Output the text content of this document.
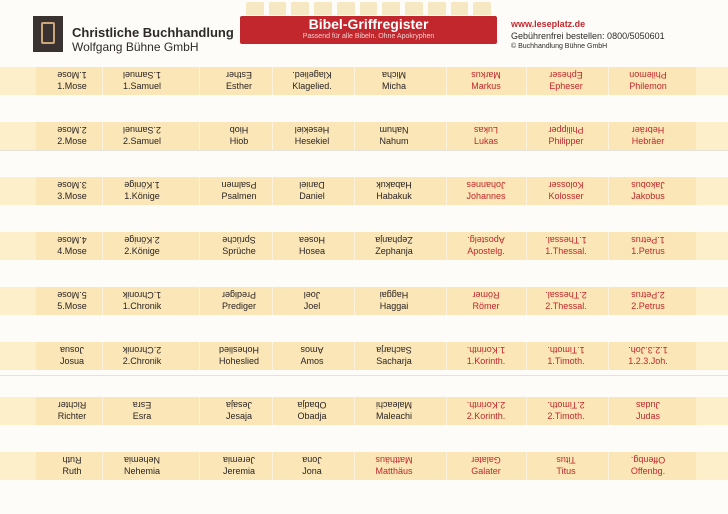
Christliche Buchhandlung
Wolfgang Bühne GmbH
Bibel-Griffregister
Passend für alle Bibeln. Ohne Apokryphen
www.leseplatz.de
Gebührenfrei bestellen: 0800/5050601
© Buchhandlung Bühne GmbH
1.Mose
1.Mose
1.Samuel
1.Samuel
Esther
Esther
Klagelied.
Klagelied.
Micha
Micha
Markus
Markus
Epheser
Epheser
Philemon
Philemon
2.Mose
2.Mose
2.Samuel
2.Samuel
Hiob
Hiob
Hesekiel
Hesekiel
Nahum
Nahum
Lukas
Lukas
Philipper
Philipper
Hebräer
Hebräer
3.Mose
3.Mose
1.Könige
1.Könige
Psalmen
Psalmen
Daniel
Daniel
Habakuk
Habakuk
Johannes
Johannes
Kolosser
Kolosser
Jakobus
Jakobus
4.Mose
4.Mose
2.Könige
2.Könige
Sprüche
Sprüche
Hosea
Hosea
Zephanja
Zephanja
Apostelg.
Apostelg.
1.Thessal.
1.Thessal.
1.Petrus
1.Petrus
5.Mose
5.Mose
1.Chronik
1.Chronik
Prediger
Prediger
Joel
Joel
Haggai
Haggai
Römer
Römer
2.Thessal.
2.Thessal.
2.Petrus
2.Petrus
Josua
Josua
2.Chronik
2.Chronik
Hoheslied
Hoheslied
Amos
Amos
Sacharja
Sacharja
1.Korinth.
1.Korinth.
1.Timoth.
1.Timoth.
1.2.3.Joh.
1.2.3.Joh.
Richter
Richter
Esra
Esra
Jesaja
Jesaja
Obadja
Obadja
Maleachi
Maleachi
2.Korinth.
2.Korinth.
2.Timoth.
2.Timoth.
Judas
Judas
Ruth
Ruth
Nehemia
Nehemia
Jeremia
Jeremia
Jona
Jona
Matthäus
Matthäus
Galater
Galater
Titus
Titus
Offenbg.
Offenbg.
